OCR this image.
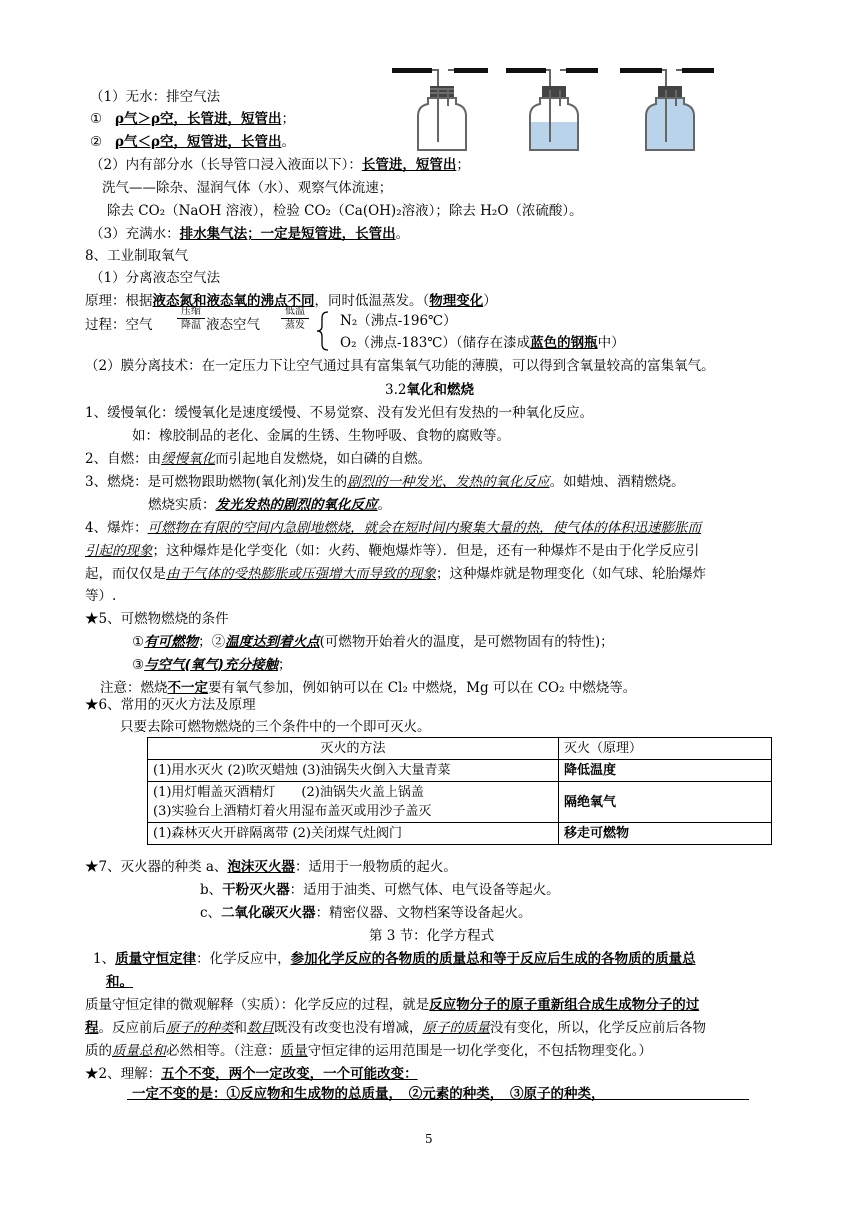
（1）无水：排空气法
① ρ气＞ρ空，长管进，短管出；
② ρ气＜ρ空，短管进，长管出。
（2）内有部分水（长导管口浸入液面以下）：长管进，短管出；
洗气——除杂、湿润气体（水）、观察气体流速；
除去 CO₂（NaOH 溶液），检验 CO₂（Ca(OH)₂溶液）；除去 H₂O（浓硫酸）。
（3）充满水：排水集气法；一定是短管进，长管出。
8、工业制取氧气
（1）分离液态空气法
原理：根据液态氮和液态氧的沸点不同，同时低温蒸发。（物理变化）
过程：空气
压缩
降温 液态空气
低温
蒸发	N₂（沸点-196℃）
O₂（沸点-183℃）（储存在漆成蓝色的钢瓶中）
（2）膜分离技术：在一定压力下让空气通过具有富集氧气功能的薄膜，可以得到含氧量较高的富集氧气。
3.2氧化和燃烧
1、缓慢氧化：缓慢氧化是速度缓慢、不易觉察、没有发光但有发热的一种氧化反应。
如：橡胶制品的老化、金属的生锈、生物呼吸、食物的腐败等。
2、自燃：由缓慢氧化而引起地自发燃烧，如白磷的自燃。
3、燃烧：是可燃物跟助燃物(氧化剂)发生的剧烈的一种发光、发热的氧化反应。如蜡烛、酒精燃烧。
燃烧实质：发光发热的剧烈的氧化反应。
4、爆炸：可燃物在有限的空间内急剧地燃烧，就会在短时间内聚集大量的热，使气体的体积迅速膨胀而
引起的现象；这种爆炸是化学变化（如：火药、鞭炮爆炸等）．但是，还有一种爆炸不是由于化学反应引
起，而仅仅是由于气体的受热膨胀或压强增大而导致的现象；这种爆炸就是物理变化（如气球、轮胎爆炸
等）.
★5、可燃物燃烧的条件
①有可燃物；②温度达到着火点(可燃物开始着火的温度，是可燃物固有的特性)；
③与空气(氧气)充分接触；
注意：燃烧不一定要有氧气参加，例如钠可以在 Cl₂ 中燃烧，Mg 可以在 CO₂ 中燃烧等。
★6、常用的灭火方法及原理
只要去除可燃物燃烧的三个条件中的一个即可灭火。
灭火的方法	灭火（原理）
(1)用水灭火 (2)吹灭蜡烛 (3)油锅失火倒入大量青菜	降低温度

(1)用灯帽盖灭酒精灯　　(2)油锅失火盖上锅盖
(3)实验台上酒精灯着火用湿布盖灭或用沙子盖灭	隔绝氧气
(1)森林灭火开辟隔离带 (2)关闭煤气灶阀门	移走可燃物
★7、灭火器的种类 a、泡沫灭火器：适用于一般物质的起火。
b、干粉灭火器：适用于油类、可燃气体、电气设备等起火。
c、二氧化碳灭火器：精密仪器、文物档案等设备起火。
第 3 节：化学方程式
1、质量守恒定律：化学反应中，参加化学反应的各物质的质量总和等于反应后生成的各物质的质量总
和。
质量守恒定律的微观解释（实质）：化学反应的过程，就是反应物分子的原子重新组合成生成物分子的过
程。反应前后原子的种类和数目既没有改变也没有增减，原子的质量没有变化，所以，化学反应前后各物
质的质量总和必然相等。（注意：质量守恒定律的运用范围是一切化学变化，不包括物理变化。）
★2、理解：五个不变，两个一定改变，一个可能改变：
一定不变的是：①反应物和生成物的总质量，　②元素的种类，　③原子的种类，
5
